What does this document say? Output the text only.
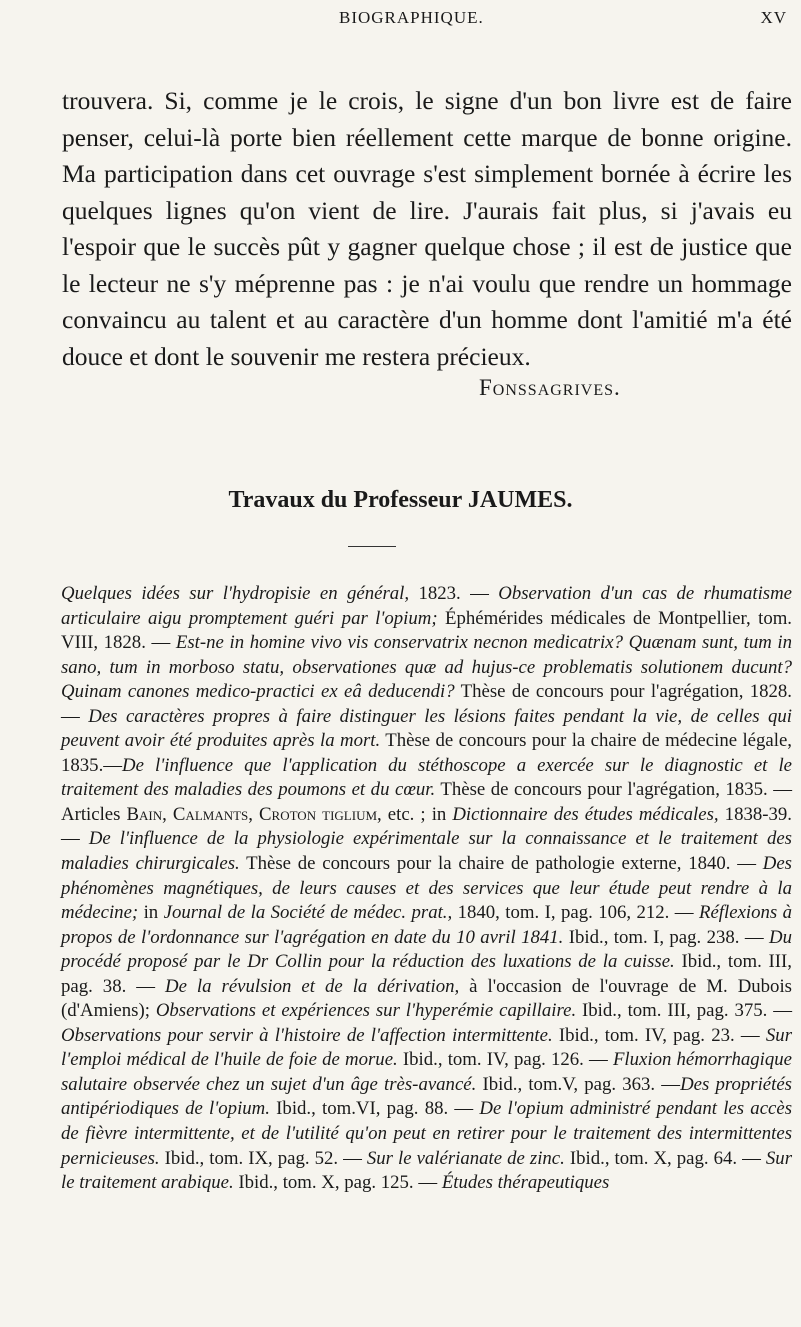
BIOGRAPHIQUE.	XV

trouvera. Si, comme je le crois, le signe d'un bon livre est de faire penser, celui-là porte bien réellement cette marque de bonne origine. Ma participation dans cet ouvrage s'est simplement bornée à écrire les quelques lignes qu'on vient de lire. J'aurais fait plus, si j'avais eu l'espoir que le succès pût y gagner quelque chose ; il est de justice que le lecteur ne s'y méprenne pas : je n'ai voulu que rendre un hommage convaincu au talent et au caractère d'un homme dont l'amitié m'a été douce et dont le souvenir me restera précieux.

Fonssagrives.
Travaux du Professeur JAUMES.

Quelques idées sur l'hydropisie en général, 1823. — Observation d'un cas de rhumatisme articulaire aigu promptement guéri par l'opium; Éphémérides médicales de Montpellier, tom. VIII, 1828. — Est-ne in homine vivo vis conservatrix necnon medicatrix? Quænam sunt, tum in sano, tum in morboso statu, observationes quæ ad hujus-ce problematis solutionem ducunt? Quinam canones medico-practici ex eâ deducendi? Thèse de concours pour l'agrégation, 1828. — Des caractères propres à faire distinguer les lésions faites pendant la vie, de celles qui peuvent avoir été produites après la mort. Thèse de concours pour la chaire de médecine légale, 1835.—De l'influence que l'application du stéthoscope a exercée sur le diagnostic et le traitement des maladies des poumons et du cœur. Thèse de concours pour l'agrégation, 1835. — Articles Bain, Calmants, Croton tiglium, etc. ; in Dictionnaire des études médicales, 1838-39. — De l'influence de la physiologie expérimentale sur la connaissance et le traitement des maladies chirurgicales. Thèse de concours pour la chaire de pathologie externe, 1840. — Des phénomènes magnétiques, de leurs causes et des services que leur étude peut rendre à la médecine; in Journal de la Société de médec. prat., 1840, tom. I, pag. 106, 212. — Réflexions à propos de l'ordonnance sur l'agrégation en date du 10 avril 1841. Ibid., tom. I, pag. 238. — Du procédé proposé par le Dr Collin pour la réduction des luxations de la cuisse. Ibid., tom. III, pag. 38. — De la révulsion et de la dérivation, à l'occasion de l'ouvrage de M. Dubois (d'Amiens); Observations et expériences sur l'hyperémie capillaire. Ibid., tom. III, pag. 375. — Observations pour servir à l'histoire de l'affection intermittente. Ibid., tom. IV, pag. 23. — Sur l'emploi médical de l'huile de foie de morue. Ibid., tom. IV, pag. 126. — Fluxion hémorrhagique salutaire observée chez un sujet d'un âge très-avancé. Ibid., tom.V, pag. 363. —Des propriétés antipériodiques de l'opium. Ibid., tom.VI, pag. 88. — De l'opium administré pendant les accès de fièvre intermittente, et de l'utilité qu'on peut en retirer pour le traitement des intermittentes pernicieuses. Ibid., tom. IX, pag. 52. — Sur le valérianate de zinc. Ibid., tom. X, pag. 64. — Sur le traitement arabique. Ibid., tom. X, pag. 125. — Études thérapeutiques
